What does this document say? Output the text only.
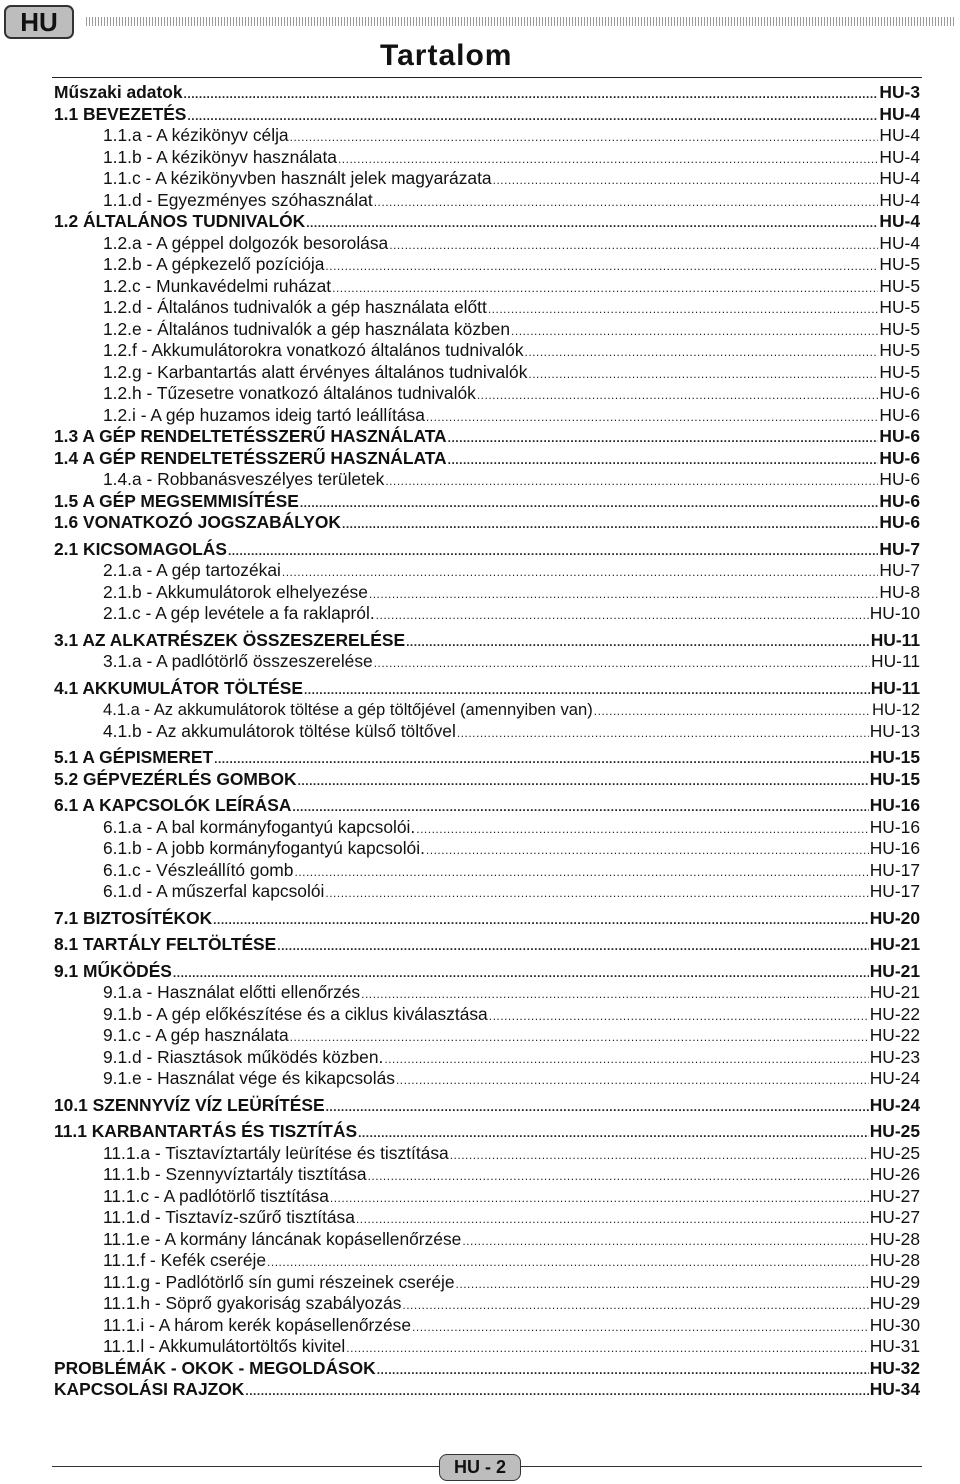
HU
Tartalom
Műszaki adatok .....	HU-3
1.1 BEVEZETÉS .....	HU-4
1.1.a - A kézikönyv célja .....	HU-4
1.1.b - A kézikönyv használata .....	HU-4
1.1.c - A kézikönyvben használt jelek magyarázata .....	HU-4
1.1.d - Egyezményes szóhasználat .....	HU-4
1.2 ÁLTALÁNOS TUDNIVALÓK .....	HU-4
1.2.a - A géppel dolgozók besorolása .....	HU-4
1.2.b - A gépkezelő pozíciója .....	HU-5
1.2.c - Munkavédelmi ruházat .....	HU-5
1.2.d - Általános tudnivalók a gép használata előtt .....	HU-5
1.2.e - Általános tudnivalók a gép használata közben .....	HU-5
1.2.f - Akkumulátorokra vonatkozó általános tudnivalók .....	HU-5
1.2.g - Karbantartás alatt érvényes általános tudnivalók .....	HU-5
1.2.h - Tűzesetre vonatkozó általános tudnivalók .....	HU-6
1.2.i - A gép huzamos ideig tartó leállítása .....	HU-6
1.3 A GÉP RENDELTETÉSSZERŰ HASZNÁLATA .....	HU-6
1.4 A GÉP RENDELTETÉSSZERŰ HASZNÁLATA .....	HU-6
1.4.a - Robbanásveszélyes területek .....	HU-6
1.5 A GÉP MEGSEMMISÍTÉSE .....	HU-6
1.6 VONATKOZÓ JOGSZABÁLYOK .....	HU-6
2.1 KICSOMAGOLÁS .....	HU-7
2.1.a - A gép tartozékai .....	HU-7
2.1.b - Akkumulátorok elhelyezése .....	HU-8
2.1.c - A gép levétele a fa raklapról. .....	HU-10
3.1 AZ ALKATRÉSZEK ÖSSZESZERELÉSE .....	HU-11
3.1.a - A padlótörlő összeszerelése .....	HU-11
4.1 AKKUMULÁTOR TÖLTÉSE .....	HU-11
4.1.a - Az akkumulátorok töltése a gép töltőjével (amennyiben van) .....	HU-12
4.1.b - Az akkumulátorok töltése külső töltővel .....	HU-13
5.1 A GÉPISMERET .....	HU-15
5.2 GÉPVEZÉRLÉS GOMBOK .....	HU-15
6.1 A KAPCSOLÓK LEÍRÁSA .....	HU-16
6.1.a - A bal kormányfogantyú kapcsolói. .....	HU-16
6.1.b - A jobb kormányfogantyú kapcsolói. .....	HU-16
6.1.c - Vészleállító gomb .....	HU-17
6.1.d - A műszerfal kapcsolói .....	HU-17
7.1 BIZTOSÍTÉKOK .....	HU-20
8.1 TARTÁLY FELTÖLTÉSE .....	HU-21
9.1 MŰKÖDÉS .....	HU-21
9.1.a - Használat előtti ellenőrzés .....	HU-21
9.1.b - A gép előkészítése és a ciklus kiválasztása .....	HU-22
9.1.c - A gép használata .....	HU-22
9.1.d - Riasztások működés közben. .....	HU-23
9.1.e - Használat vége és kikapcsolás .....	HU-24
10.1 SZENNYVÍZ VÍZ LEÜRÍTÉSE .....	HU-24
11.1 KARBANTARTÁS ÉS TISZTÍTÁS .....	HU-25
11.1.a - Tisztavíztartály leürítése és tisztítása .....	HU-25
11.1.b - Szennyvíztartály tisztítása .....	HU-26
11.1.c - A padlótörlő tisztítása .....	HU-27
11.1.d - Tisztavíz-szűrő tisztítása .....	HU-27
11.1.e - A kormány láncának kopásellenőrzése .....	HU-28
11.1.f - Kefék cseréje .....	HU-28
11.1.g - Padlótörlő sín gumi részeinek cseréje .....	HU-29
11.1.h - Söprő gyakoriság szabályozás .....	HU-29
11.1.i - A három kerék kopásellenőrzése .....	HU-30
11.1.l - Akkumulátortöltős kivitel .....	HU-31
PROBLÉMÁK - OKOK - MEGOLDÁSOK .....	HU-32
KAPCSOLÁSI RAJZOK .....	HU-34
HU - 2
